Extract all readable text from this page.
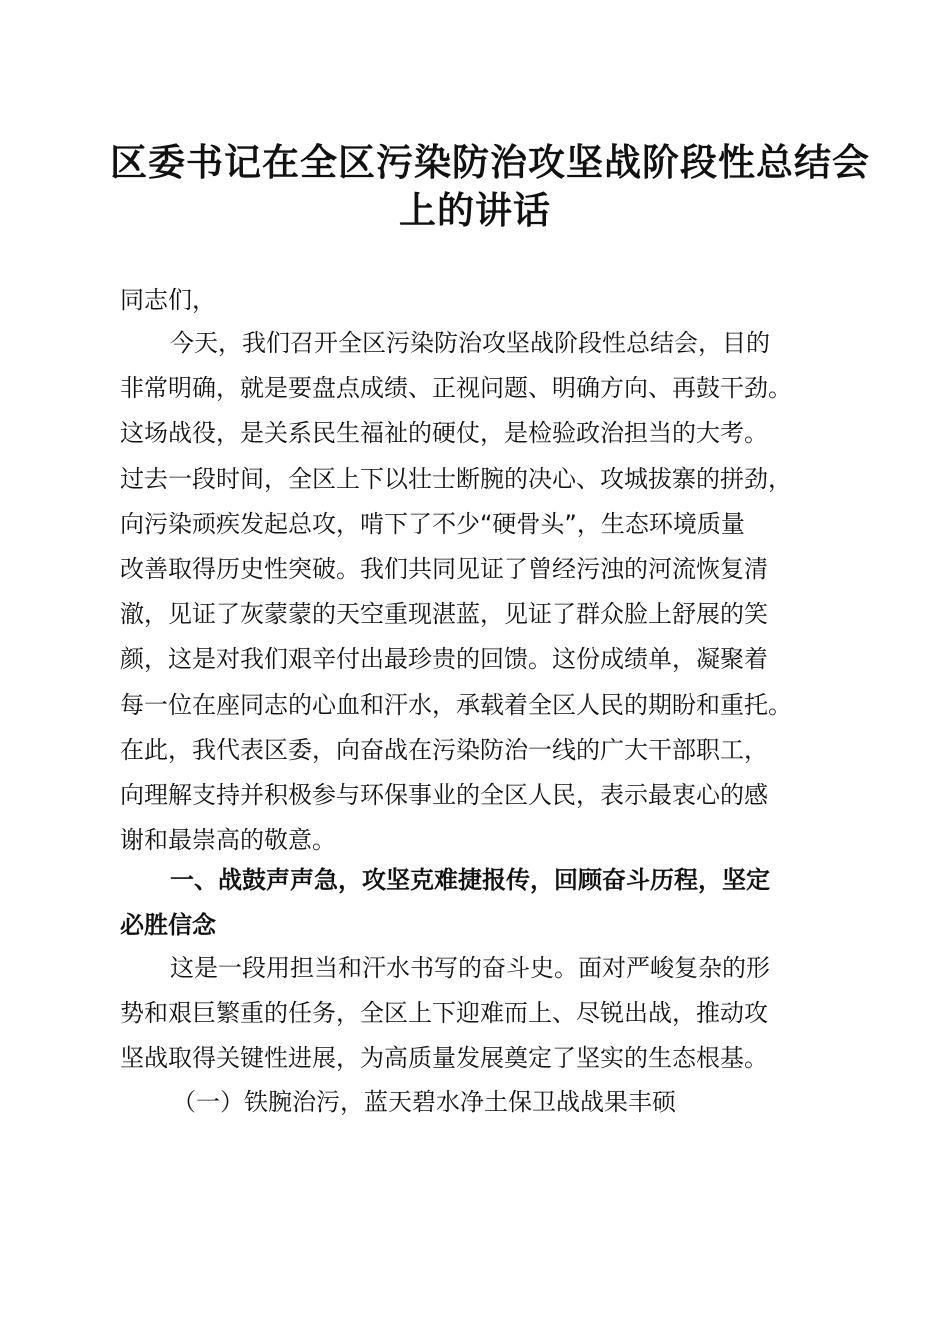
区委书记在全区污染防治攻坚战阶段性总结会
上的讲话

同志们，

今天，我们召开全区污染防治攻坚战阶段性总结会，目的
非常明确，就是要盘点成绩、正视问题、明确方向、再鼓干劲。
这场战役，是关系民生福祉的硬仗，是检验政治担当的大考。
过去一段时间，全区上下以壮士断腕的决心、攻城拔寨的拼劲，
向污染顽疾发起总攻，啃下了不少“硬骨头”，生态环境质量
改善取得历史性突破。我们共同见证了曾经污浊的河流恢复清
澈，见证了灰蒙蒙的天空重现湛蓝，见证了群众脸上舒展的笑
颜，这是对我们艰辛付出最珍贵的回馈。这份成绩单，凝聚着
每一位在座同志的心血和汗水，承载着全区人民的期盼和重托。
在此，我代表区委，向奋战在污染防治一线的广大干部职工，
向理解支持并积极参与环保事业的全区人民，表示最衷心的感
谢和最崇高的敬意。

一、战鼓声声急，攻坚克难捷报传，回顾奋斗历程，坚定
必胜信念

这是一段用担当和汗水书写的奋斗史。面对严峻复杂的形
势和艰巨繁重的任务，全区上下迎难而上、尽锐出战，推动攻
坚战取得关键性进展，为高质量发展奠定了坚实的生态根基。

（一）铁腕治污，蓝天碧水净土保卫战战果丰硕
